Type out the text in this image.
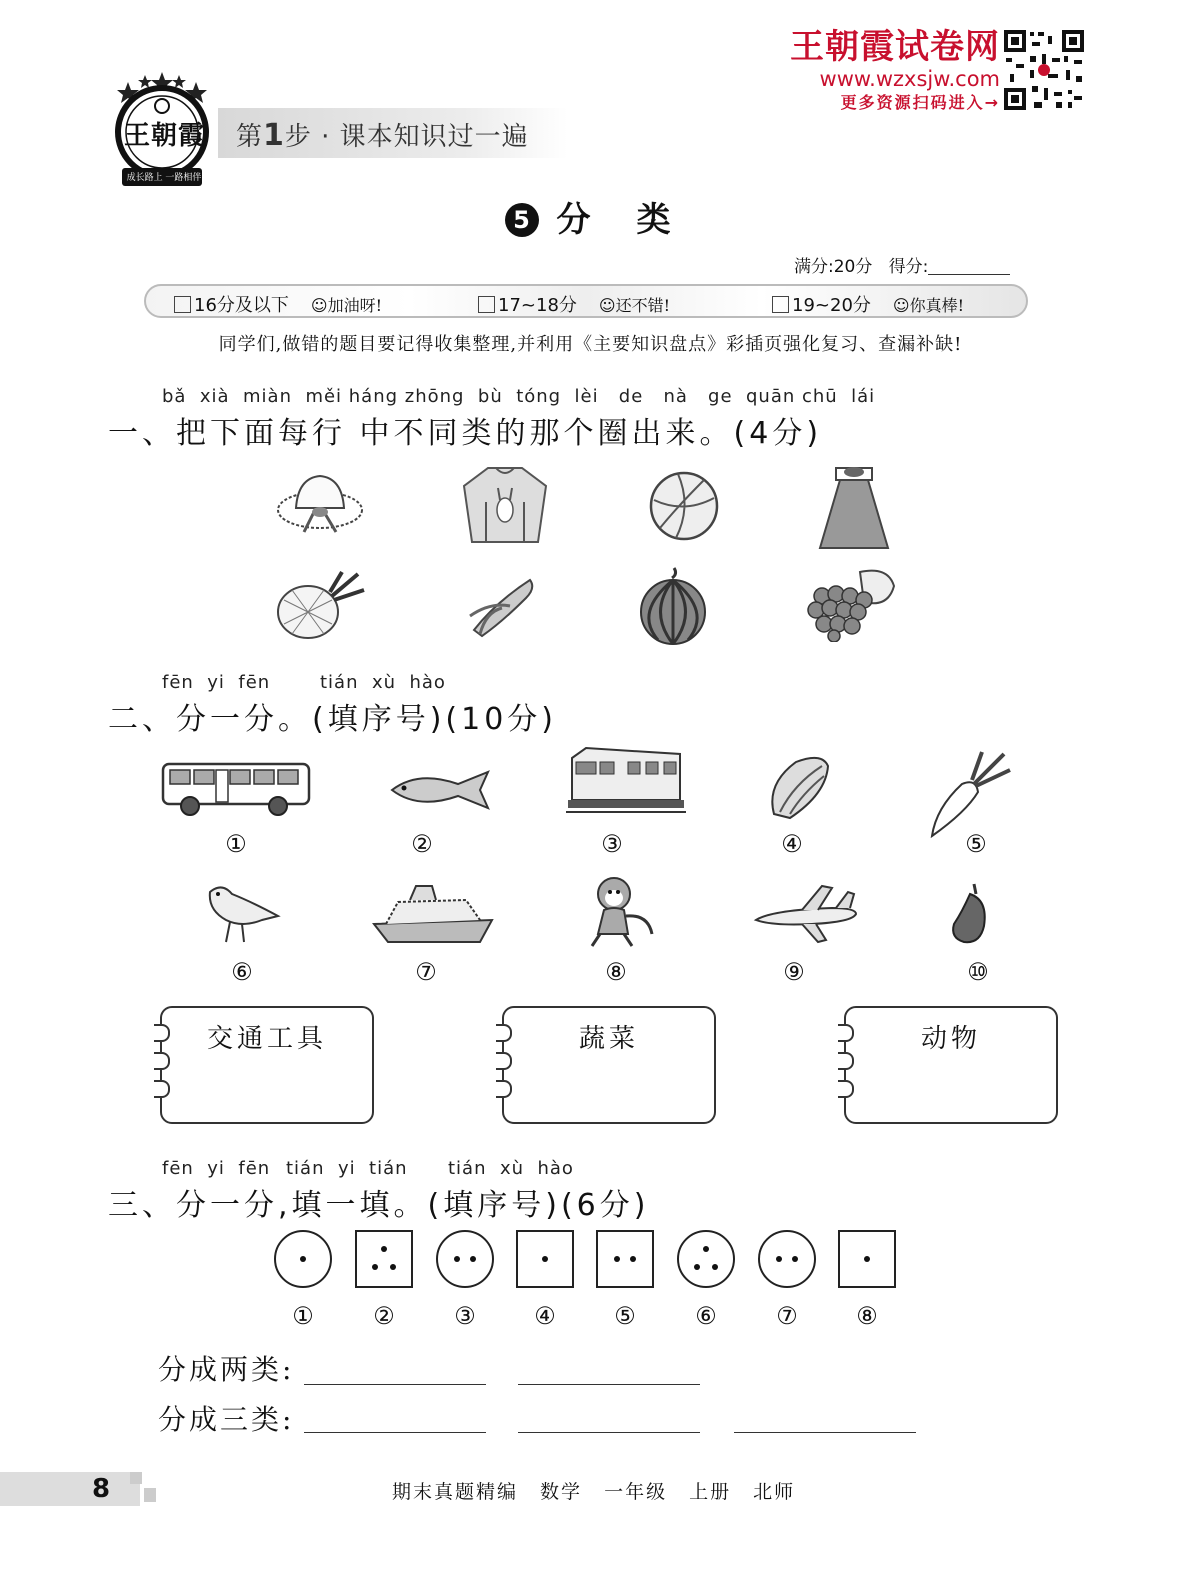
王朝霞
成长路上 一路相伴
第1步 · 课本知识过一遍
王朝霞试卷网
www.wzxsjw.com
更多资源扫码进入→
5 分　类
满分:20分 得分:
16分及以下 ☺加油呀!	17~18分 ☺还不错!	19~20分 ☺你真棒!
同学们,做错的题目要记得收集整理,并利用《主要知识盘点》彩插页强化复习、查漏补缺!
bǎ  xià  miàn  měi háng zhōng  bù  tóng  lèi   de   nà   ge  quān chū  lái
一、把下面每行 中不同类的那个圈出来。(4分)
fēn  yi  fēn	tián  xù  hào
二、分一分。(填序号)(10分)
①	②	③	④	⑤
⑥	⑦	⑧	⑨	⑩
交通工具	蔬菜	动物
fēn  yi  fēn tián  yi  tián tián  xù  hào
三、分一分,填一填。(填序号)(6分)
①	②	③	④	⑤	⑥	⑦	⑧
分成两类:
分成三类:
8	期末真题精编 数学 一年级 上册 北师
